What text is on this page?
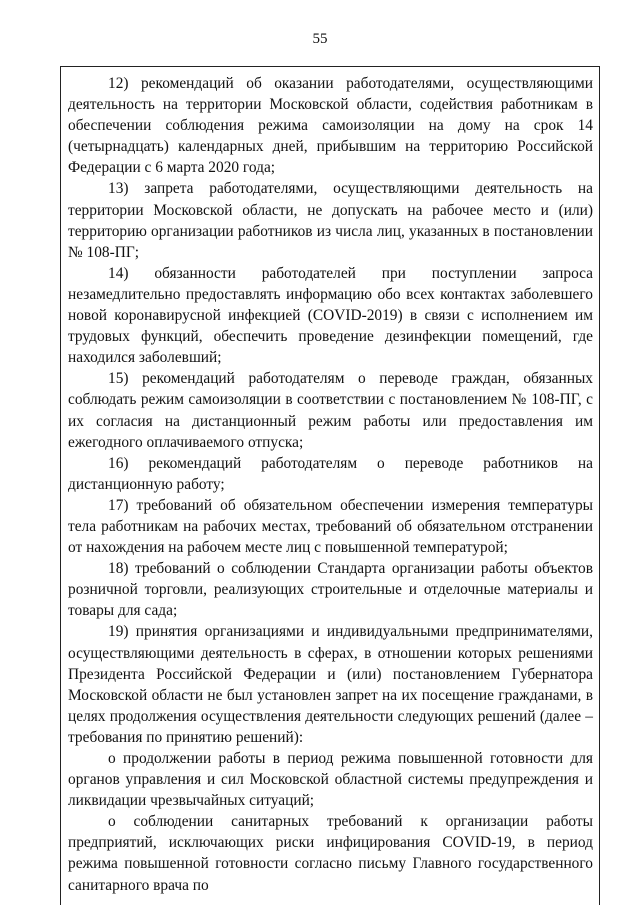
55

12) рекомендаций об оказании работодателями, осуществляющими деятельность на территории Московской области, содействия работникам в обеспечении соблюдения режима самоизоляции на дому на срок 14 (четырнадцать) календарных дней, прибывшим на территорию Российской Федерации с 6 марта 2020 года;

13) запрета работодателями, осуществляющими деятельность на территории Московской области, не допускать на рабочее место и (или) территорию организации работников из числа лиц, указанных в постановлении № 108-ПГ;

14) обязанности работодателей при поступлении запроса незамедлительно предоставлять информацию обо всех контактах заболевшего новой коронавирусной инфекцией (COVID-2019) в связи с исполнением им трудовых функций, обеспечить проведение дезинфекции помещений, где находился заболевший;

15) рекомендаций работодателям о переводе граждан, обязанных соблюдать режим самоизоляции в соответствии с постановлением № 108-ПГ, с их согласия на дистанционный режим работы или предоставления им ежегодного оплачиваемого отпуска;

16) рекомендаций работодателям о переводе работников на дистанционную работу;

17) требований об обязательном обеспечении измерения температуры тела работникам на рабочих местах, требований об обязательном отстранении от нахождения на рабочем месте лиц с повышенной температурой;

18) требований о соблюдении Стандарта организации работы объектов розничной торговли, реализующих строительные и отделочные материалы и товары для сада;

19) принятия организациями и индивидуальными предпринимателями, осуществляющими деятельность в сферах, в отношении которых решениями Президента Российской Федерации и (или) постановлением Губернатора Московской области не был установлен запрет на их посещение гражданами, в целях продолжения осуществления деятельности следующих решений (далее – требования по принятию решений):

о продолжении работы в период режима повышенной готовности для органов управления и сил Московской областной системы предупреждения и ликвидации чрезвычайных ситуаций;

о соблюдении санитарных требований к организации работы предприятий, исключающих риски инфицирования COVID-19, в период режима повышенной готовности согласно письму Главного государственного санитарного врача по
